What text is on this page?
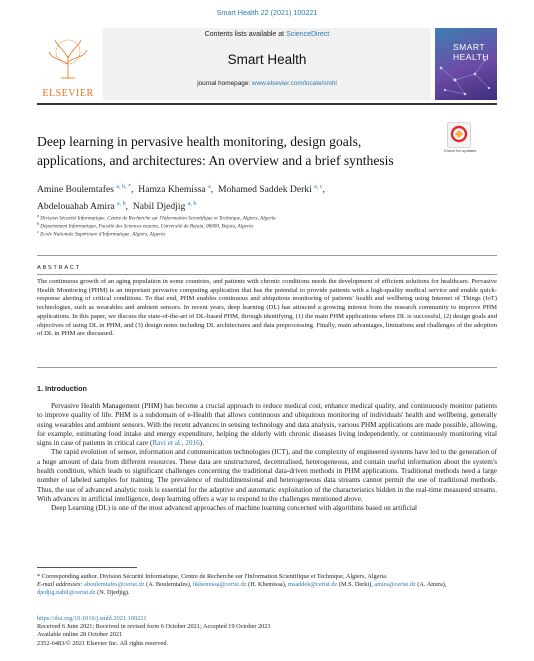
Smart Health 22 (2021) 100221
ELSEVIER
Contents lists available at ScienceDirect
Smart Health
journal homepage: www.elsevier.com/locate/smhl
SMART
HEALTH
Deep learning in pervasive health monitoring, design goals, applications, and architectures: An overview and a brief synthesis
Check for updates
Amine Boulemtafes $^{a, b, *}$,  Hamza Khemissa $^a$,  Mohamed Saddek Derki $^{a, c}$,
Abdelouahab Amira $^{a, b}$,  Nabil Djedjig $^{a, b}$
$^a$ Division Sécurité Informatique, Centre de Recherche sur l'Information Scientifique et Technique, Algiers, Algeria
$^b$ Département Informatique, Faculté des Sciences exactes, Université de Bejaia, 06000, Bejaia, Algeria
$^c$ Ecole Nationale Supérieure d'Informatique, Algiers, Algeria
ABSTRACT
The continuous growth of an aging population in some countries, and patients with chronic conditions needs the development of efficient solutions for healthcare. Pervasive Health Monitoring (PHM) is an important pervasive computing application that has the potential to provide patients with a high-quality medical service and enable quick-response alerting of critical conditions. To that end, PHM enables continuous and ubiquitous monitoring of patients' health and wellbeing using Internet of Things (IoT) technologies, such as wearables and ambient sensors. In recent years, deep learning (DL) has attracted a growing interest from the research community to improve PHM applications. In this paper, we discuss the state-of-the-art of DL-based PHM, through identifying, (1) the main PHM applications where DL is successful, (2) design goals and objectives of using DL in PHM, and (3) design notes including DL architectures and data preprocessing. Finally, main advantages, limitations and challenges of the adoption of DL in PHM are discussed.
1. Introduction

Pervasive Health Management (PHM) has become a crucial approach to reduce medical cost, enhance medical quality, and continuously monitor patients to improve quality of life. PHM is a subdomain of e-Health that allows continuous and ubiquitous monitoring of individuals' health and wellbeing, generally using wearables and ambient sensors. With the recent advances in sensing technology and data analysis, various PHM applications are made possible, allowing, for example, estimating food intake and energy expenditure, helping the elderly with chronic diseases living independently, or continuously monitoring vital signs in case of patients in critical care (Ravi et al., 2016).

The rapid evolution of sensor, information and communication technologies (ICT), and the complexity of engineered systems have led to the generation of a huge amount of data from different resources. These data are unstructured, decentralised, heterogeneous, and contain useful information about the system's health condition, which leads to significant challenges concerning the traditional data-driven methods in PHM applications. Traditional methods need a large number of labeled samples for training. The prevalence of multidimensional and heterogeneous data streams cannot permit the use of traditional methods. Thus, the use of advanced analytic tools is essential for the adaptive and automatic exploitation of the characteristics hidden in the real-time measured streams. With advances in artificial intelligence, deep learning offers a way to respond to the challenges mentioned above.

Deep Learning (DL) is one of the most advanced approaches of machine learning concerned with algorithms based on artificial

* Corresponding author. Division Sécurité Informatique, Centre de Recherche sur l'Information Scientifique et Technique, Algiers, Algeria.
E-mail addresses: aboulemtafes@cerist.dz (A. Boulemtafes), hkhemissa@cerist.dz (H. Khemissa), msaddek@cerist.dz (M.S. Derki), amira@cerist.dz (A. Amira), djedjig.nabil@cerist.dz (N. Djedjig).
https://doi.org/10.1016/j.smhl.2021.100221
Received 6 June 2021; Received in revised form 6 October 2021; Accepted 19 October 2021
Available online 28 October 2021
2352-6483/© 2021 Elsevier Inc. All rights reserved.
